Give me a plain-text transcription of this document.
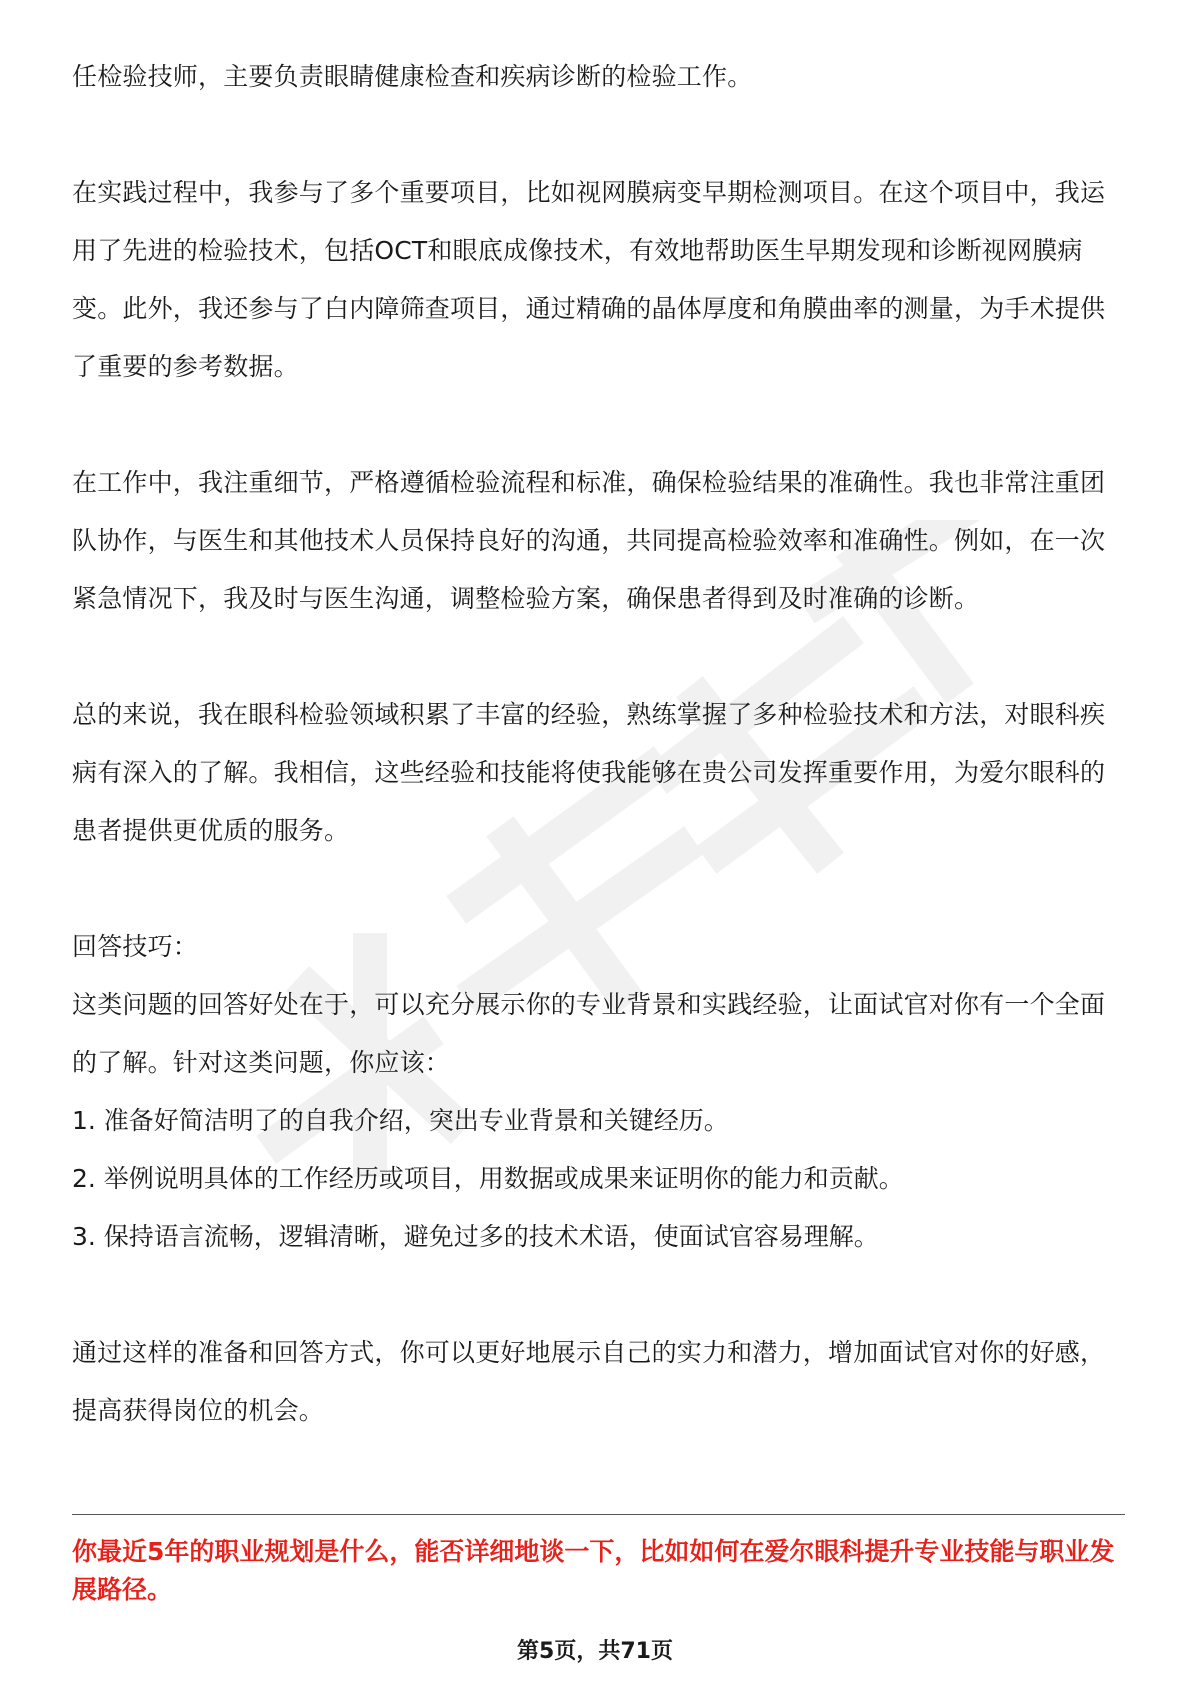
任检验技师，主要负责眼睛健康检查和疾病诊断的检验工作。

在实践过程中，我参与了多个重要项目，比如视网膜病变早期检测项目。在这个项目中，我运用了先进的检验技术，包括OCT和眼底成像技术，有效地帮助医生早期发现和诊断视网膜病变。此外，我还参与了白内障筛查项目，通过精确的晶体厚度和角膜曲率的测量，为手术提供了重要的参考数据。

在工作中，我注重细节，严格遵循检验流程和标准，确保检验结果的准确性。我也非常注重团队协作，与医生和其他技术人员保持良好的沟通，共同提高检验效率和准确性。例如，在一次紧急情况下，我及时与医生沟通，调整检验方案，确保患者得到及时准确的诊断。

总的来说，我在眼科检验领域积累了丰富的经验，熟练掌握了多种检验技术和方法，对眼科疾病有深入的了解。我相信，这些经验和技能将使我能够在贵公司发挥重要作用，为爱尔眼科的患者提供更优质的服务。

回答技巧：

这类问题的回答好处在于，可以充分展示你的专业背景和实践经验，让面试官对你有一个全面的了解。针对这类问题，你应该：

1. 准备好简洁明了的自我介绍，突出专业背景和关键经历。

2. 举例说明具体的工作经历或项目，用数据或成果来证明你的能力和贡献。

3. 保持语言流畅，逻辑清晰，避免过多的技术术语，使面试官容易理解。

通过这样的准备和回答方式，你可以更好地展示自己的实力和潜力，增加面试官对你的好感，提高获得岗位的机会。

你最近5年的职业规划是什么，能否详细地谈一下，比如如何在爱尔眼科提升专业技能与职业发展路径。

第5页，共71页
